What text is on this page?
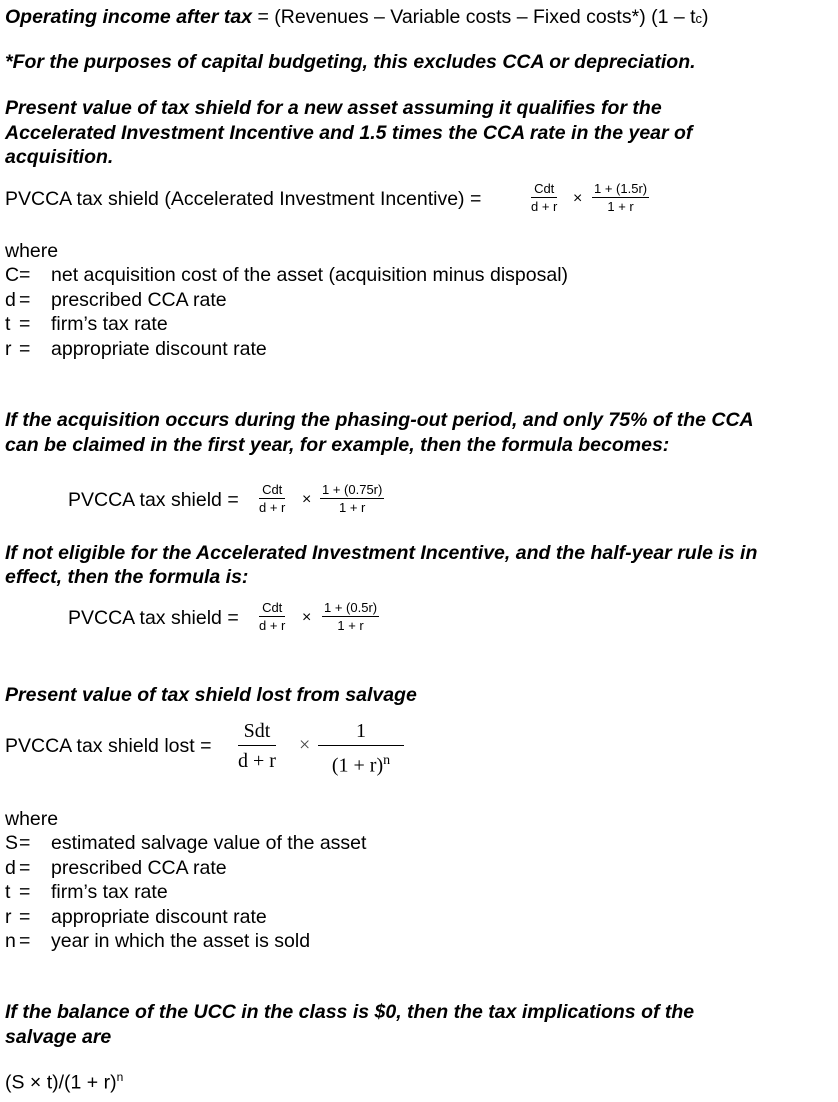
Operating income after tax = (Revenues – Variable costs – Fixed costs*) (1 – tc)
*For the purposes of capital budgeting, this excludes CCA or depreciation.
Present value of tax shield for a new asset assuming it qualifies for the
Accelerated Investment Incentive and 1.5 times the CCA rate in the year of
acquisition.
PVCCA tax shield (Accelerated Investment Incentive) =	Cdt
$d + r \times \frac{1 + (1.5r)}{1 + r}$
where
C= net acquisition cost of the asset (acquisition minus disposal)
d = prescribed CCA rate
t = firm’s tax rate
r = appropriate discount rate
If the acquisition occurs during the phasing-out period, and only 75% of the CCA
can be claimed in the first year, for example, then the formula becomes:
PVCCA tax shield = Cdt
$d + r \times \frac{1 + (0.75r)}{1 + r}$
If not eligible for the Accelerated Investment Incentive, and the half-year rule is in
effect, then the formula is:
PVCCA tax shield = Cdt
$d + r \times \frac{1 + (0.5r)}{1 + r}$
Present value of tax shield lost from salvage
PVCCA tax shield lost =
Sdt
d + r
× $\frac{1}{(1 + r)^n}$
where
S= estimated salvage value of the asset
d = prescribed CCA rate
t = firm’s tax rate
r = appropriate discount rate
n = year in which the asset is sold
If the balance of the UCC in the class is $0, then the tax implications of the
salvage are
$(S \times t)/(1 + r)^n$
